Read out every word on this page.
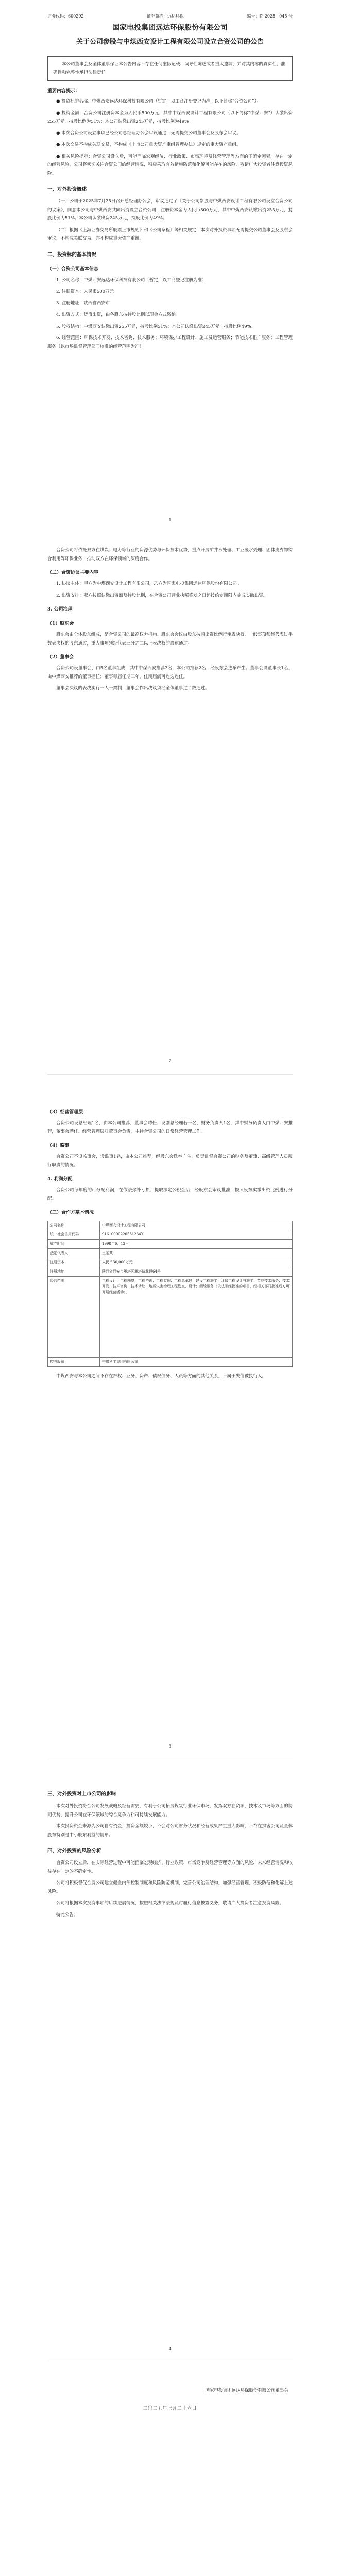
证券代码：600292	证券简称：远达环保	编号：临 2025－045 号
国家电投集团远达环保股份有限公司
关于公司参股与中煤西安设计工程有限公司设立合资公司的公告
本公司董事会及全体董事保证本公告内容不存在任何虚假记载、误导性陈述或者重大遗漏，并对其内容的真实性、准确性和完整性承担法律责任。
重要内容提示：

● 投资标的名称：中煤西安远达环保科技有限公司（暂定，以工商注册登记为准，以下简称“合资公司”）。

● 投资金额：合资公司注册资本金为人民币500万元，其中中煤西安设计工程有限公司（以下简称“中煤西安”）认缴出资255万元，持股比例为51%；本公司认缴出资245万元，持股比例为49%。

● 本次合资公司设立事项已经公司总经理办公会审议通过，无需提交公司董事会及股东会审议。

● 本次交易不构成关联交易，不构成《上市公司重大资产重组管理办法》规定的重大资产重组。

● 相关风险提示：合资公司设立后，可能面临宏观经济、行业政策、市场环境及经营管理等方面的不确定因素，存在一定的经营风险。公司将密切关注合资公司的经营情况，积极采取有效措施防范和化解可能存在的风险，敬请广大投资者注意投资风险。

一、对外投资概述

（一）公司于2025年7月25日召开总经理办公会，审议通过了《关于公司参股与中煤西安设计工程有限公司设立合资公司的议案》，同意本公司与中煤西安共同出资设立合资公司，注册资本金为人民币500万元，其中中煤西安认缴出资255万元，持股比例为51%；本公司认缴出资245万元，持股比例为49%。

（二）根据《上海证券交易所股票上市规则》和《公司章程》等相关规定，本次对外投资事项无需提交公司董事会及股东会审议，不构成关联交易，亦不构成重大资产重组。

二、投资标的基本情况
（一）合资公司基本信息

1. 公司名称：中煤西安远达环保科技有限公司（暂定，以工商登记注册为准）

2. 注册资本：人民币500万元

3. 注册地址：陕西省西安市

4. 出资方式：货币出资，由各股东按持股比例以现金方式缴纳。

5. 股权结构：中煤西安认缴出资255万元，持股比例51%；本公司认缴出资245万元，持股比例49%。

6. 经营范围：环保技术开发、技术咨询、技术服务；环境保护工程设计、施工及运营服务；节能技术推广服务；工程管理服务（以市场监督管理部门核准的经营范围为准）。

1

合资公司将依托双方在煤炭、电力等行业的资源优势与环保技术优势，重点开展矿井水处理、工业废水处理、固体废弃物综合利用等环保业务，推动双方在环保领域的深度合作。

（二）合资协议主要内容

1. 协议主体：甲方为中煤西安设计工程有限公司，乙方为国家电投集团远达环保股份有限公司。

2. 出资安排：双方按照认缴出资额及持股比例，在合资公司营业执照签发之日起按约定期限内完成实缴出资。

3. 公司治理
（1）股东会

股东会由全体股东组成，是合资公司的最高权力机构。股东会会议由股东按照出资比例行使表决权，一般事项须经代表过半数表决权的股东通过，重大事项须经代表三分之二以上表决权的股东通过。

（2）董事会

合资公司设董事会，由5名董事组成，其中中煤西安推荐3名，本公司推荐2名，经股东会选举产生。董事会设董事长1名，由中煤西安推荐的董事担任；董事每届任期三年，任期届满可连选连任。

董事会决议的表决实行一人一票制，董事会作出决议须经全体董事过半数通过。

2
（3）经营管理层

合资公司设总经理1名，由本公司推荐，董事会聘任；设副总经理若干名、财务负责人1名，其中财务负责人由中煤西安推荐，董事会聘任。经营管理层对董事会负责，主持合资公司的日常经营管理工作。

（4）监事

合资公司不设监事会，设监事1名，由本公司推荐，经股东会选举产生，负责监督合资公司的财务及董事、高级管理人员履行职责的情况。

4. 利润分配

合资公司每年度的可分配利润，在依法弥补亏损、提取法定公积金后，经股东会审议批准，按照股东实缴出资比例进行分配。

（三）合作方基本情况
公司名称	中煤西安设计工程有限公司
统一社会信用代码	91610000220531234X
成立时间	1998年6月12日
法定代表人	王某某
注册资本	人民币30,000万元
注册地址	陕西省西安市雁塔区雁塔路北段64号
经营范围	工程设计；工程勘察；工程咨询；工程监理；工程总承包；建设工程施工；环保工程设计与施工；节能技术服务；技术开发、技术咨询、技术转让；地质灾害治理工程勘查、设计；测绘服务（依法须经批准的项目，经相关部门批准后方可开展经营活动）。
控股股东	中煤科工集团有限公司

中煤西安与本公司之间不存在产权、业务、资产、债权债务、人员等方面的其他关系，不属于失信被执行人。

3
三、对外投资对上市公司的影响

本次对外投资符合公司发展战略及经营需要，有利于公司拓展煤炭行业环保市场，发挥双方在资源、技术及市场等方面的协同优势，提升公司在环保领域的综合竞争力和可持续发展能力。

本次投资资金来源为公司自有资金，投资金额较小，不会对公司财务状况和经营成果产生重大影响，不存在损害公司及全体股东特别是中小股东利益的情形。

四、对外投资的风险分析

合资公司设立后，在实际经营过程中可能面临宏观经济、行业政策、市场竞争及经营管理等方面的风险，未来经营情况和收益存在一定的不确定性。

公司将积极督促合资公司建立健全内部控制制度和风险防范机制，完善公司治理结构，加强经营管理，积极防范和化解上述风险。

公司将根据本次投资事项的后续进展情况，按照相关法律法规及时履行信息披露义务，敬请广大投资者注意投资风险。

特此公告。

4
国家电投集团远达环保股份有限公司董事会
二〇二五年七月二十六日
